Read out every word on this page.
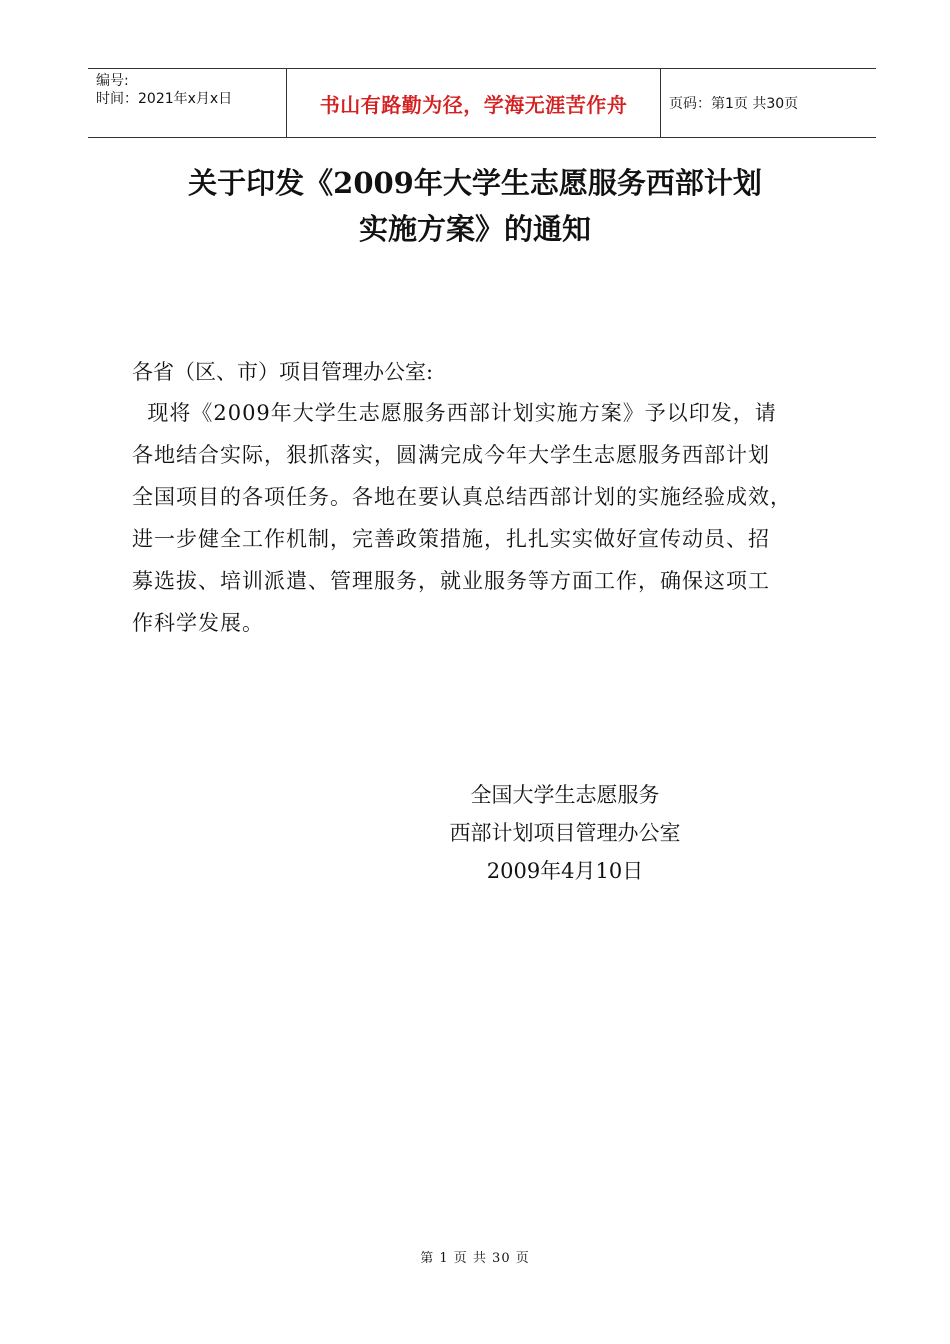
编号:
时间：2021年x月x日	书山有路勤为径，学海无涯苦作舟	页码：第1页 共30页
关于印发《2009年大学生志愿服务西部计划
实施方案》的通知
各省（区、市）项目管理办公室:
现将《2009年大学生志愿服务西部计划实施方案》予以印发，请
各地结合实际，狠抓落实，圆满完成今年大学生志愿服务西部计划
全国项目的各项任务。各地在要认真总结西部计划的实施经验成效，
进一步健全工作机制，完善政策措施，扎扎实实做好宣传动员、招
募选拔、培训派遣、管理服务，就业服务等方面工作，确保这项工
作科学发展。
全国大学生志愿服务
西部计划项目管理办公室
2009年4月10日
第 1 页 共 30 页
